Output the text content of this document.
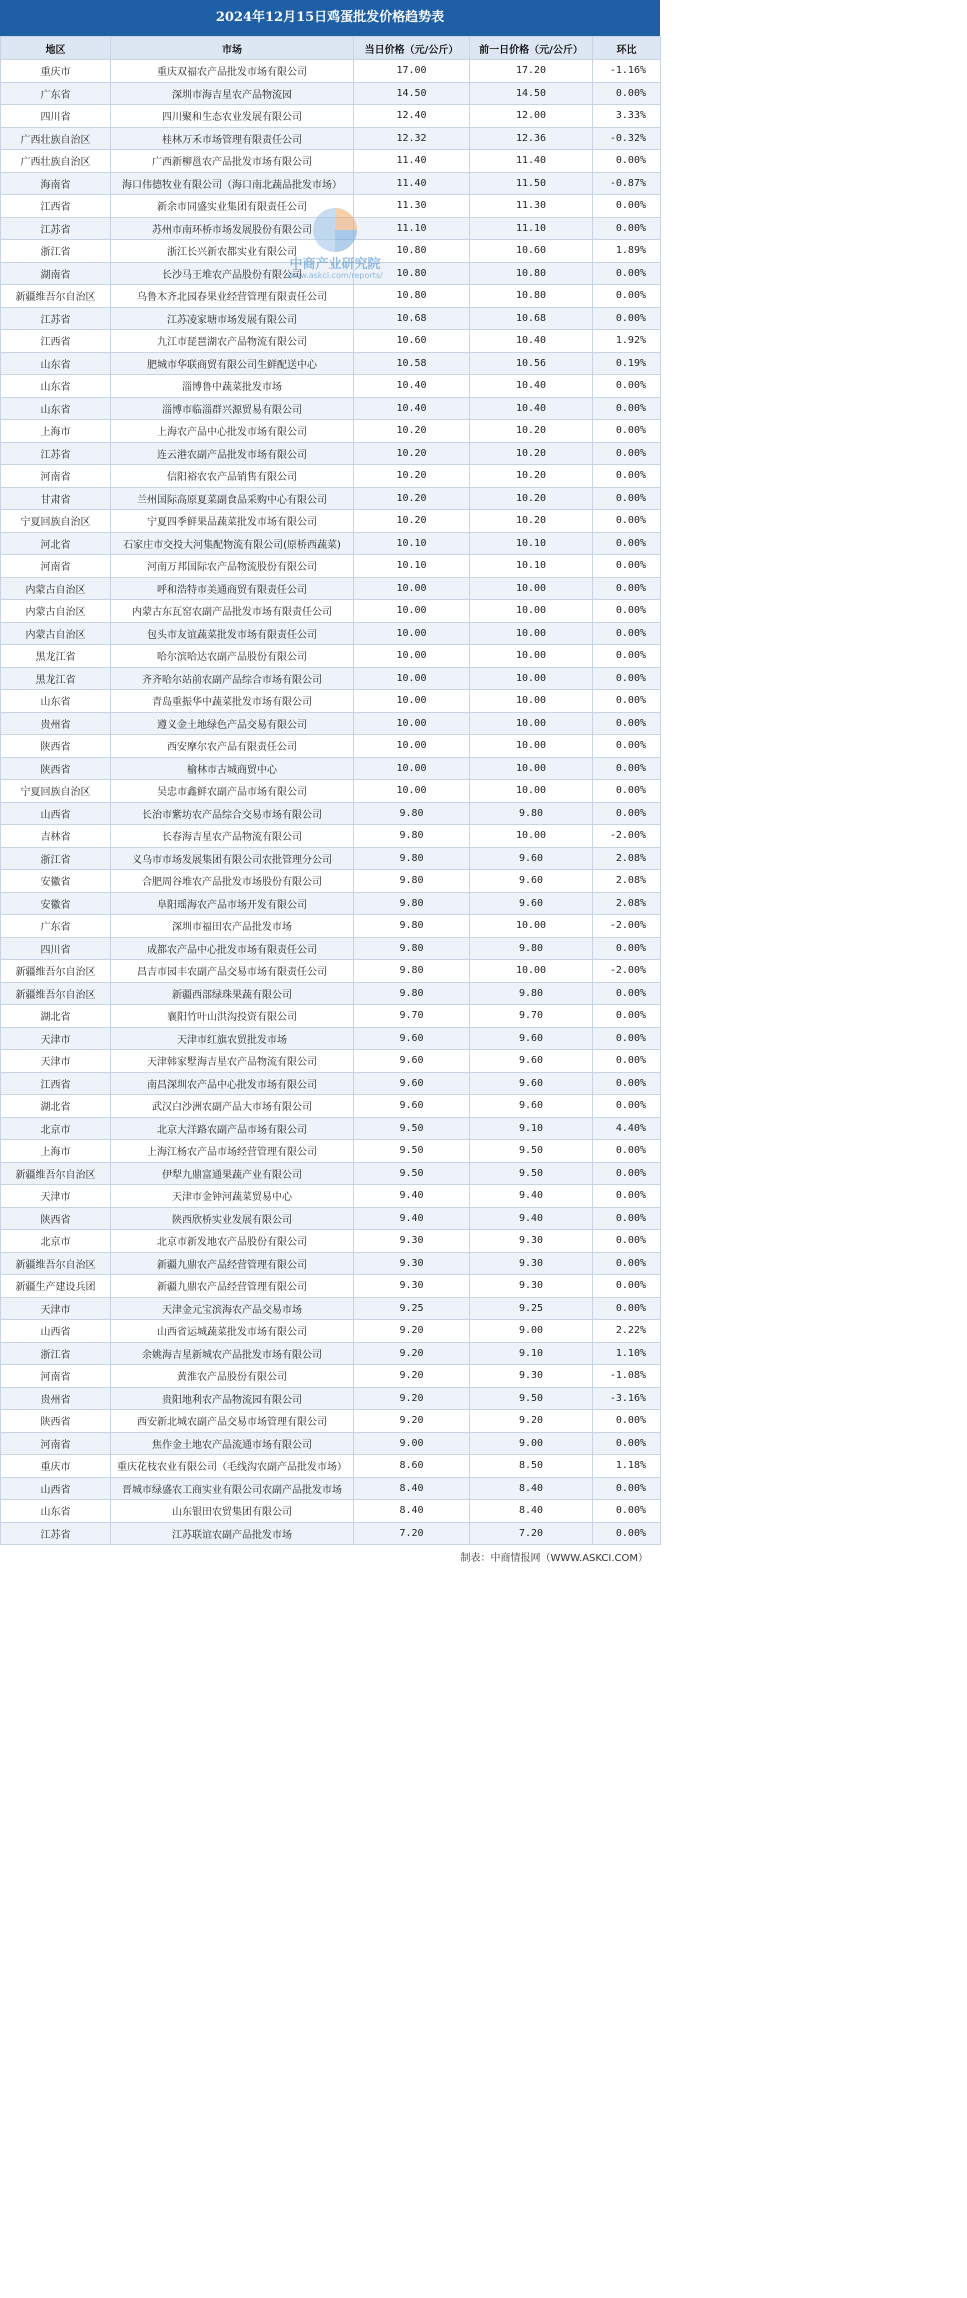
2024年12月15日鸡蛋批发价格趋势表
地区	市场	当日价格（元/公斤）	前一日价格（元/公斤）	环比
重庆市	重庆双福农产品批发市场有限公司	17.00	17.20	-1.16%
广东省	深圳市海吉星农产品物流园	14.50	14.50	0.00%
四川省	四川聚和生态农业发展有限公司	12.40	12.00	3.33%
广西壮族自治区	桂林万禾市场管理有限责任公司	12.32	12.36	-0.32%
广西壮族自治区	广西新柳邕农产品批发市场有限公司	11.40	11.40	0.00%
海南省	海口伟德牧业有限公司（海口南北蔬品批发市场）	11.40	11.50	-0.87%
江西省	新余市同盛实业集团有限责任公司	11.30	11.30	0.00%
江苏省	苏州市南环桥市场发展股份有限公司	11.10	11.10	0.00%
浙江省	浙江长兴新农都实业有限公司	10.80	10.60	1.89%
湖南省	长沙马王堆农产品股份有限公司	10.80	10.80	0.00%
新疆维吾尔自治区	乌鲁木齐北园春果业经营管理有限责任公司	10.80	10.80	0.00%
江苏省	江苏凌家塘市场发展有限公司	10.68	10.68	0.00%
江西省	九江市琵琶湖农产品物流有限公司	10.60	10.40	1.92%
山东省	肥城市华联商贸有限公司生鲜配送中心	10.58	10.56	0.19%
山东省	淄博鲁中蔬菜批发市场	10.40	10.40	0.00%
山东省	淄博市临淄群兴源贸易有限公司	10.40	10.40	0.00%
上海市	上海农产品中心批发市场有限公司	10.20	10.20	0.00%
江苏省	连云港农副产品批发市场有限公司	10.20	10.20	0.00%
河南省	信阳裕农农产品销售有限公司	10.20	10.20	0.00%
甘肃省	兰州国际高原夏菜副食品采购中心有限公司	10.20	10.20	0.00%
宁夏回族自治区	宁夏四季鲜果品蔬菜批发市场有限公司	10.20	10.20	0.00%
河北省	石家庄市交投大河集配物流有限公司(原桥西蔬菜)	10.10	10.10	0.00%
河南省	河南万邦国际农产品物流股份有限公司	10.10	10.10	0.00%
内蒙古自治区	呼和浩特市美通商贸有限责任公司	10.00	10.00	0.00%
内蒙古自治区	内蒙古东瓦窑农副产品批发市场有限责任公司	10.00	10.00	0.00%
内蒙古自治区	包头市友谊蔬菜批发市场有限责任公司	10.00	10.00	0.00%
黑龙江省	哈尔滨哈达农副产品股份有限公司	10.00	10.00	0.00%
黑龙江省	齐齐哈尔站前农副产品综合市场有限公司	10.00	10.00	0.00%
山东省	青岛重振华中蔬菜批发市场有限公司	10.00	10.00	0.00%
贵州省	遵义金土地绿色产品交易有限公司	10.00	10.00	0.00%
陕西省	西安摩尔农产品有限责任公司	10.00	10.00	0.00%
陕西省	榆林市古城商贸中心	10.00	10.00	0.00%
宁夏回族自治区	吴忠市鑫鲜农副产品市场有限公司	10.00	10.00	0.00%
山西省	长治市紫坊农产品综合交易市场有限公司	9.80	9.80	0.00%
吉林省	长春海吉星农产品物流有限公司	9.80	10.00	-2.00%
浙江省	义乌市市场发展集团有限公司农批管理分公司	9.80	9.60	2.08%
安徽省	合肥周谷堆农产品批发市场股份有限公司	9.80	9.60	2.08%
安徽省	阜阳瑶海农产品市场开发有限公司	9.80	9.60	2.08%
广东省	深圳市福田农产品批发市场	9.80	10.00	-2.00%
四川省	成都农产品中心批发市场有限责任公司	9.80	9.80	0.00%
新疆维吾尔自治区	昌吉市园丰农副产品交易市场有限责任公司	9.80	10.00	-2.00%
新疆维吾尔自治区	新疆西部绿珠果蔬有限公司	9.80	9.80	0.00%
湖北省	襄阳竹叶山洪沟投资有限公司	9.70	9.70	0.00%
天津市	天津市红旗农贸批发市场	9.60	9.60	0.00%
天津市	天津韩家墅海吉星农产品物流有限公司	9.60	9.60	0.00%
江西省	南昌深圳农产品中心批发市场有限公司	9.60	9.60	0.00%
湖北省	武汉白沙洲农副产品大市场有限公司	9.60	9.60	0.00%
北京市	北京大洋路农副产品市场有限公司	9.50	9.10	4.40%
上海市	上海江杨农产品市场经营管理有限公司	9.50	9.50	0.00%
新疆维吾尔自治区	伊犁九鼎富通果蔬产业有限公司	9.50	9.50	0.00%
天津市	天津市金钟河蔬菜贸易中心	9.40	9.40	0.00%
陕西省	陕西欣桥实业发展有限公司	9.40	9.40	0.00%
北京市	北京市新发地农产品股份有限公司	9.30	9.30	0.00%
新疆维吾尔自治区	新疆九鼎农产品经营管理有限公司	9.30	9.30	0.00%
新疆生产建设兵团	新疆九鼎农产品经营管理有限公司	9.30	9.30	0.00%
天津市	天津金元宝滨海农产品交易市场	9.25	9.25	0.00%
山西省	山西省运城蔬菜批发市场有限公司	9.20	9.00	2.22%
浙江省	余姚海吉星新城农产品批发市场有限公司	9.20	9.10	1.10%
河南省	黄淮农产品股份有限公司	9.20	9.30	-1.08%
贵州省	贵阳地利农产品物流园有限公司	9.20	9.50	-3.16%
陕西省	西安新北城农副产品交易市场管理有限公司	9.20	9.20	0.00%
河南省	焦作金土地农产品流通市场有限公司	9.00	9.00	0.00%
重庆市	重庆花枝农业有限公司（毛线沟农副产品批发市场）	8.60	8.50	1.18%
山西省	晋城市绿盛农工商实业有限公司农副产品批发市场	8.40	8.40	0.00%
山东省	山东银田农贸集团有限公司	8.40	8.40	0.00%
江苏省	江苏联谊农副产品批发市场	7.20	7.20	0.00%
中商产业研究院
www.askci.com/reports/
制表：中商情报网（WWW.ASKCI.COM）
